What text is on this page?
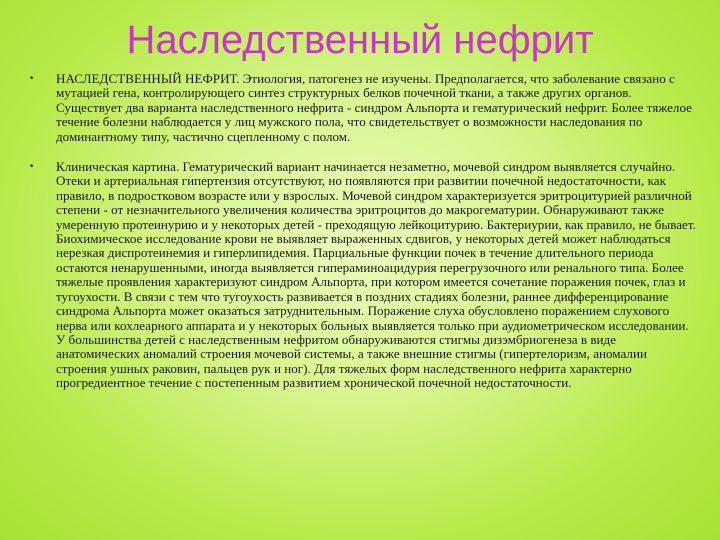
Наследственный нефрит
• НАСЛЕДСТВЕННЫЙ НЕФРИТ. Этиология, патогенез не изучены. Предполагается, что заболевание связано с мутацией гена, контролирующего синтез структурных белков почечной ткани, а также других органов. Существует два варианта наследственного нефрита - синдром Альпорта и гематурический нефрит. Более тяжелое течение болезни наблюдается у лиц мужского пола, что свидетельствует о возможности наследования по доминантному типу, частично сцепленному с полом.
• Клиническая картина. Гематурический вариант начинается незаметно, мочевой синдром выявляется случайно. Отеки и артериальная гипертензия отсутствуют, но появляются при развитии почечной недостаточности, как правило, в подростковом возрасте или у взрослых. Мочевой синдром характеризуется эритроцитурией различной степени - от незначительного увеличения количества эритроцитов до макрогематурии. Обнаруживают также умеренную протеинурию и у некоторых детей - преходящую лейкоцитурию. Бактериурии, как правило, не бывает. Биохимическое исследование крови не выявляет выраженных сдвигов, у некоторых детей может наблюдаться нерезкая диспротеинемия и гиперлипидемия. Парциальные функции почек в течение длительного периода остаются ненарушенными, иногда выявляется гипераминоацидурия перегрузочного или ренального типа. Более тяжелые проявления характеризуют синдром Альпорта, при котором имеется сочетание поражения почек, глаз и тугоухости. В связи с тем что тугоухость развивается в поздних стадиях болезни, раннее дифференцирование синдрома Альпорта может оказаться затруднительным. Поражение слуха обусловлено поражением слухового нерва или кохлеарного аппарата и у некоторых больных выявляется только при аудиометрическом исследовании. У большинства детей с наследственным нефритом обнаруживаются стигмы дизэмбриогенеза в виде анатомических аномалий строения мочевой системы, а также внешние стигмы (гипертелоризм, аномалии строения ушных раковин, пальцев рук и ног). Для тяжелых форм наследственного нефрита характерно прогредиентное течение с постепенным развитием хронической почечной недостаточности.
